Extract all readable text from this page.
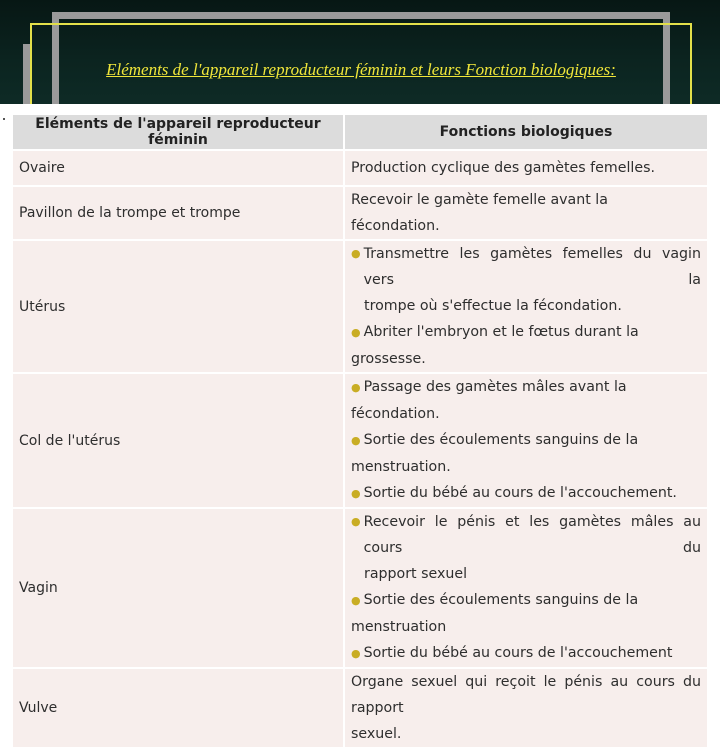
Eléments de l'appareil reproducteur féminin et leurs Fonction biologiques:
Eléments de l'appareil reproducteur féminin	Fonctions biologiques
Ovaire	Production cyclique des gamètes femelles.

Pavillon de la trompe et trompe	Recevoir le gamète femelle avant la fécondation.

Utérus	● Transmettre les gamètes femelles du vagin vers la
trompe où s'effectue la fécondation.
● Abriter l'embryon et le fœtus durant la grossesse.

Col de l'utérus	● Passage des gamètes mâles avant la fécondation.
● Sortie des écoulements sanguins de la menstruation.
● Sortie du bébé au cours de l'accouchement.

Vagin	● Recevoir le pénis et les gamètes mâles au cours du
rapport sexuel
● Sortie des écoulements sanguins de la menstruation
● Sortie du bébé au cours de l'accouchement

Vulve	Organe sexuel qui reçoit le pénis au cours du rapport
sexuel.
